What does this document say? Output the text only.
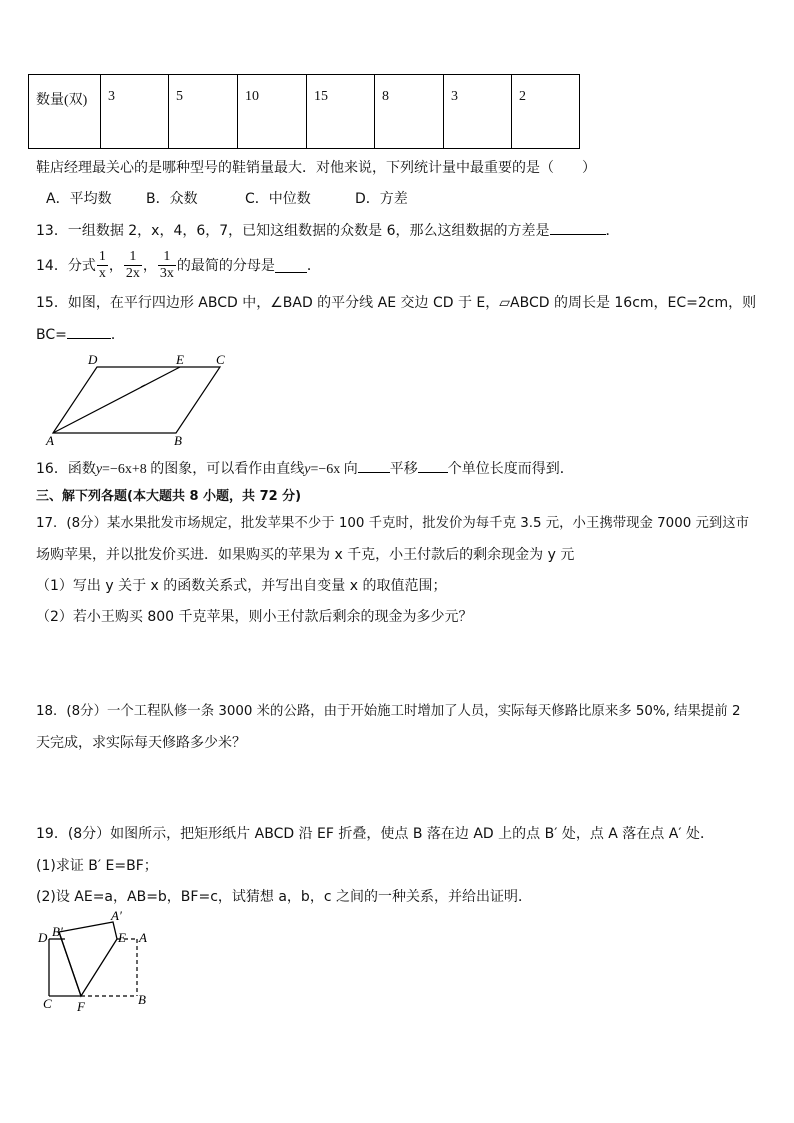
数量(双)	3	5	10	15	8	3	2
鞋店经理最关心的是哪种型号的鞋销量最大．对他来说，下列统计量中最重要的是（　　）
A．平均数 B．众数	C．中位数	D．方差
13．一组数据 2，x，4，6，7，已知这组数据的众数是 6，那么这组数据的方差是	．
14．分式 $\frac{1}{x}$ ， $\frac{1}{2x}$ ， $\frac{1}{3x}$ 的最简的分母是 ．
15．如图，在平行四边形 ABCD 中，∠BAD 的平分线 AE 交边 CD 于 E，▱ABCD 的周长是 16cm，EC=2cm，则
BC=	．
D	E C
A	B
16．函数y=−6x+8 的图象，可以看作由直线y=−6x 向 平移 个单位长度而得到．
三、解下列各题(本大题共 8 小题，共 72 分)
17．(8分）某水果批发市场规定，批发苹果不少于 100 千克时，批发价为每千克 3.5 元，小王携带现金 7000 元到这市
场购苹果，并以批发价买进．如果购买的苹果为 x 千克，小王付款后的剩余现金为 y 元
（1）写出 y 关于 x 的函数关系式，并写出自变量 x 的取值范围；
（2）若小王购买 800 千克苹果，则小王付款后剩余的现金为多少元？
18．(8分）一个工程队修一条 3000 米的公路，由于开始施工时增加了人员，实际每天修路比原来多 50%, 结果提前 2
天完成，求实际每天修路多少米？
19．(8分）如图所示，把矩形纸片 ABCD 沿 EF 折叠，使点 B 落在边 AD 上的点 B′ 处，点 A 落在点 A′ 处．
(1)求证 B′ E=BF；
(2)设 AE=a，AB=b，BF=c，试猜想 a，b，c 之间的一种关系，并给出证明．
D B′
A′
E A
C F	B
